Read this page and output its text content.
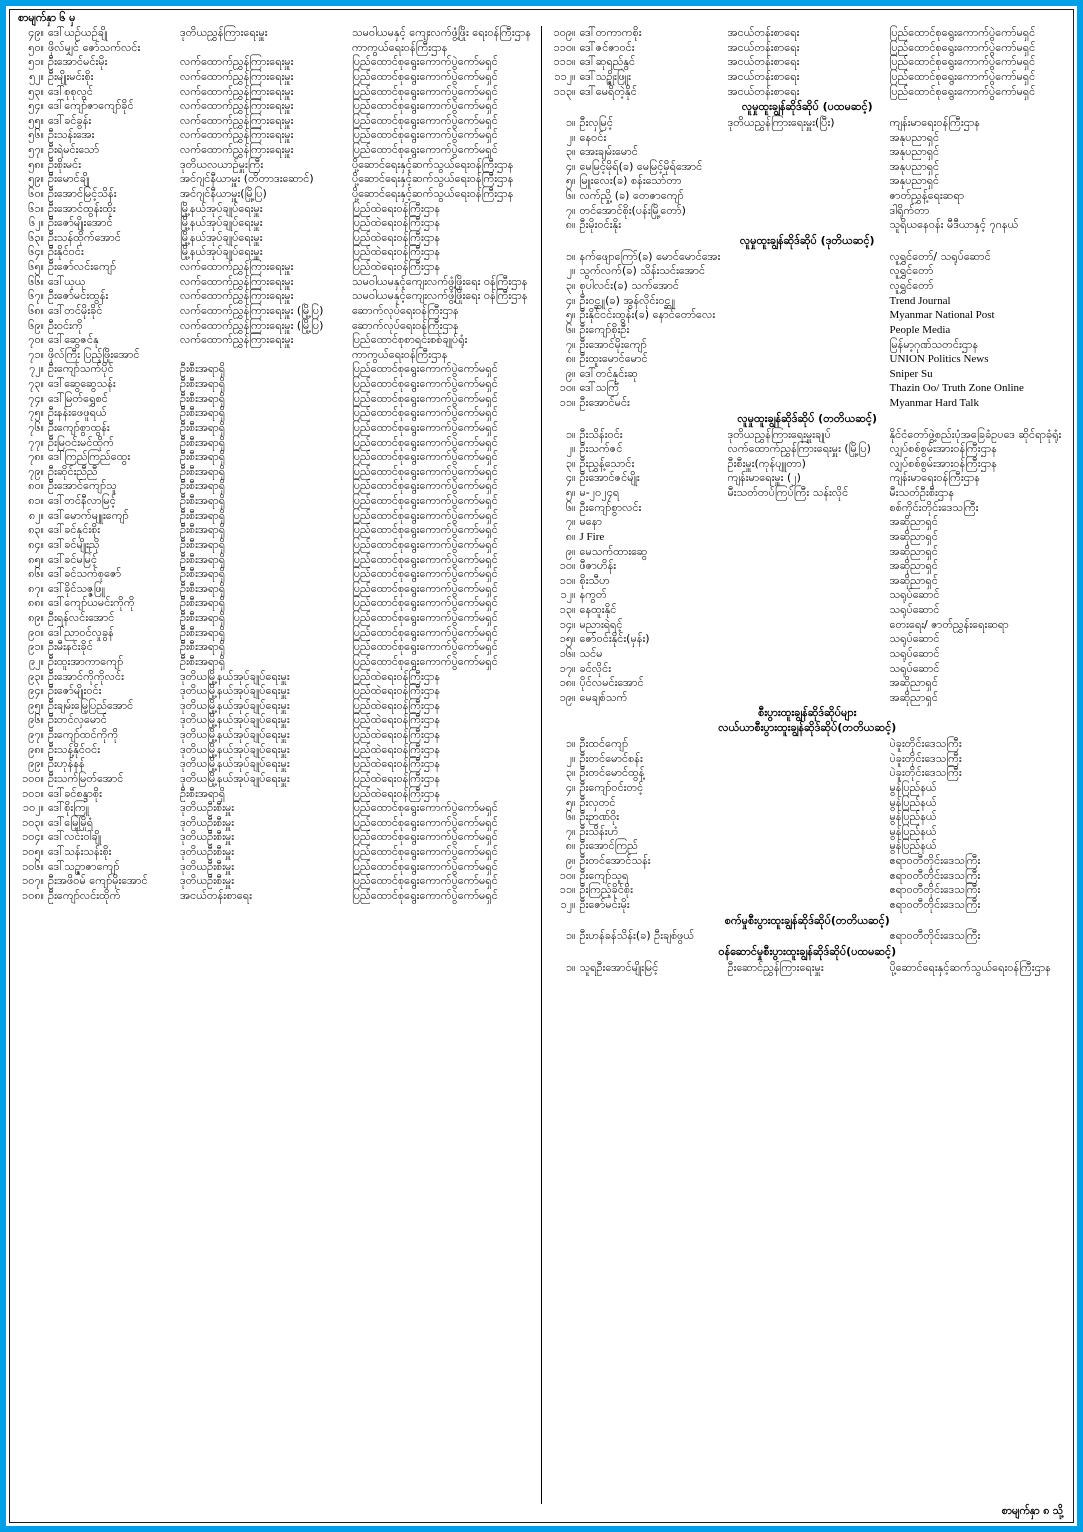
စာမျက်နှာ ၆ မှ
၄၉။ ဒေါ်ယဉ်ယဉ်ချို	ဒုတိယညွှန်ကြားရေးမှူး	သမဝါယမနှင့် ကျေးလက်ဖွံ့ဖြိုး ရေးဝန်ကြီးဌာန
၅၀။ ဖိုလ်မျှင် ဇော်သက်လင်း	ကာကွယ်ရေးဝန်ကြီးဌာန
၅၁။ ဦးအောင်မင်းမိုး	လက်ထောက်ညွှန်ကြားရေးမှူး	ပြည်ထောင်စုရွေးကောက်ပွဲကော်မရှင်
၅၂။ ဦးမျိုးမင်းစိုး	လက်ထောက်ညွှန်ကြားရေးမှူး	ပြည်ထောင်စုရွေးကောက်ပွဲကော်မရှင်
၅၃။ ဒေါ်စုစုလွင်	လက်ထောက်ညွှန်ကြားရေးမှူး	ပြည်ထောင်စုရွေးကောက်ပွဲကော်မရှင်
၅၄။ ဒေါ်ကျော်ဇာကျော်ခိုင်	လက်ထောက်ညွှန်ကြားရေးမှူး	ပြည်ထောင်စုရွေးကောက်ပွဲကော်မရှင်
၅၅။ ဒေါ်ခင်ခွန်း	လက်ထောက်ညွှန်ကြားရေးမှူး	ပြည်ထောင်စုရွေးကောက်ပွဲကော်မရှင်
၅၆။ ဦးသန်းအေး	လက်ထောက်ညွှန်ကြားရေးမှူး	ပြည်ထောင်စုရွေးကောက်ပွဲကော်မရှင်
၅၇။ ဦးရဲမင်းသော်	လက်ထောက်ညွှန်ကြားရေးမှူး	ပြည်ထောင်စုရွေးကောက်ပွဲကော်မရှင်
၅၈။ ဦးစိုးမင်း	ဒုတိယလယာဉ်မှူးကြီး	ပို့ဆောင်ရေးနှင့်ဆက်သွယ်ရေးဝန်ကြီးဌာန
၅၉။ ဦးမောင်ချို	အင်ဂျင်နီယာမှူး (တိတာဒးဆောင်)	ပို့ဆောင်ရေးနှင့်ဆက်သွယ်ရေးဝန်ကြီးဌာန
၆၀။ ဦးအောင်မြင့်သိန်း	အင်ဂျင်နီယာမှူး(မြို့ပြ)	ပို့ဆောင်ရေးနှင့်ဆက်သွယ်ရေးဝန်ကြီးဌာန
၆၁။ ဦးအောင်ထွန်းထိုး	မြို့နယ်အုပ်ချုပ်ရေးမှူး	ပြည်ထဲရေးဝန်ကြီးဌာန
၆၂။ ဦးဇော်မျိုးအောင်	မြို့နယ်အုပ်ချုပ်ရေးမှူး	ပြည်ထဲရေးဝန်ကြီးဌာန
၆၃။ ဦးသန်ထိုက်အောင်	မြို့နယ်အုပ်ချုပ်ရေးမှူး	ပြည်ထဲရေးဝန်ကြီးဌာန
၆၄။ ဦးနိုင်ဝင်း	မြို့နယ်အုပ်ချုပ်ရေးမှူး	ပြည်ထဲရေးဝန်ကြီးဌာန
၆၅။ ဦးဇော်လင်းကျော်	လက်ထောက်ညွှန်ကြားရေးမှူး	ပြည်ထဲရေးဝန်ကြီးဌာန
၆၆။ ဒေါ်ယုယု	လက်ထောက်ညွှန်ကြားရေးမှူး	သမဝါယမနှင့်ကျေးလက်ဖွံ့ဖြိုးရေး ဝန်ကြီးဌာန
၆၇။ ဦးဇော်မင်းထွန်း	လက်ထောက်ညွှန်ကြားရေးမှူး	သမဝါယမနှင့်ကျေးလက်ဖွံ့ဖြိုးရေး ဝန်ကြီးဌာန
၆၈။ ဒေါ်တင်မိုးခိုင်	လက်ထောက်ညွှန်ကြားရေးမှူး (မြို့ပြ)	ဆောက်လုပ်ရေးဝန်ကြီးဌာန
၆၉။ ဦးဝင်းကို	လက်ထောက်ညွှန်ကြားရေးမှူး (မြို့ပြ)	ဆောက်လုပ်ရေးဝန်ကြီးဌာန
၇၀။ ဒေါ်ဆွေဇင်နု	လက်ထောက်ညွှန်ကြားရေးမှူး	ပြည်ထောင်စုစာရင်းစစ်ချုပ်ရုံး
၇၁။ ဖိုလ်ကြီး ပြည့်ဖြိုးအောင်	ကာကွယ်ရေးဝန်ကြီးဌာန
၇၂။ ဦးကျော်သက်ပိုင်	ဦးစီးအရာရှိ	ပြည်ထောင်စုရွေးကောက်ပွဲကော်မရှင်
၇၃။ ဒေါ်ဆွေဆွေသန်း	ဦးစီးအရာရှိ	ပြည်ထောင်စုရွေးကောက်ပွဲကော်မရှင်
၇၄။ ဒေါ်မြတ်ရွှေစင်	ဦးစီးအရာရှိ	ပြည်ထောင်စုရွေးကောက်ပွဲကော်မရှင်
၇၅။ ဦးနန်းဖေဖူရယ်	ဦးစီးအရာရှိ	ပြည်ထောင်စုရွေးကောက်ပွဲကော်မရှင်
၇၆။ ဦးကျော်စွာထွန်း	ဦးစီးအရာရှိ	ပြည်ထောင်စုရွေးကောက်ပွဲကော်မရှင်
၇၇။ ဦးမြဝင်းမင်ထိုက်	ဦးစီးအရာရှိ	ပြည်ထောင်စုရွေးကောက်ပွဲကော်မရှင်
၇၈။ ဒေါ်ကြည်ကြည်ထွေး	ဦးစီးအရာရှိ	ပြည်ထောင်စုရွေးကောက်ပွဲကော်မရှင်
၇၉။ ဦးဆိုင်းညီညီ	ဦးစီးအရာရှိ	ပြည်ထောင်စုရွေးကောက်ပွဲကော်မရှင်
၈၀။ ဦးအောင်ကျော်သူ	ဦးစီးအရာရှိ	ပြည်ထောင်စုရွေးကောက်ပွဲကော်မရှင်
၈၁။ ဒေါ်တင်နီလာမြင့်	ဦးစီးအရာရှိ	ပြည်ထောင်စုရွေးကောက်ပွဲကော်မရှင်
၈၂။ ဒေါ်မောက်မျူးကျော်	ဦးစီးအရာရှိ	ပြည်ထောင်စုရွေးကောက်ပွဲကော်မရှင်
၈၃။ ဒေါ်ခင်နှင်းစိုး	ဦးစီးအရာရှိ	ပြည်ထောင်စုရွေးကောက်ပွဲကော်မရှင်
၈၄။ ဒေါ်ခင်မျိုးညို	ဦးစီးအရာရှိ	ပြည်ထောင်စုရွေးကောက်ပွဲကော်မရှင်
၈၅။ ဒေါ်ခင်မမြင့်	ဦးစီးအရာရှိ	ပြည်ထောင်စုရွေးကောက်ပွဲကော်မရှင်
၈၆။ ဒေါ်ခင်သက်စုဇော်	ဦးစီးအရာရှိ	ပြည်ထောင်စုရွေးကောက်ပွဲကော်မရှင်
၈၇။ ဒေါ်ခိုင်သဇ္ဇဖြူ	ဦးစီးအရာရှိ	ပြည်ထောင်စုရွေးကောက်ပွဲကော်မရှင်
၈၈။ ဒေါ်ကျော်ယမင်းကိုကို	ဦးစီးအရာရှိ	ပြည်ထောင်စုရွေးကောက်ပွဲကော်မရှင်
၈၉။ ဦးရန်လင်းအောင်	ဦးစီးအရာရှိ	ပြည်ထောင်စုရွေးကောက်ပွဲကော်မရှင်
၉၀။ ဒေါ်ညာဝင်လှုခွန်	ဦးစီးအရာရှိ	ပြည်ထောင်စုရွေးကောက်ပွဲကော်မရှင်
၉၁။ ဦးမီးနင်းခိုင်	ဦးစီးအရာရှိ	ပြည်ထောင်စုရွေးကောက်ပွဲကော်မရှင်
၉၂။ ဦးထူးအာကာကျော်	ဦးစီးအရာရှိ	ပြည်ထောင်စုရွေးကောက်ပွဲကော်မရှင်
၉၃။ ဦးအောင်ကိုကိုလင်း	ဒုတိယမြို့နယ်အုပ်ချုပ်ရေးမှူး	ပြည်ထဲရေးဝန်ကြီးဌာန
၉၄။ ဦးဇော်မျိုးဝင်း	ဒုတိယမြို့နယ်အုပ်ချုပ်ရေးမှူး	ပြည်ထဲရေးဝန်ကြီးဌာန
၉၅။ ဦးချမ်းမြေ့ပြည်အောင်	ဒုတိယမြို့နယ်အုပ်ချုပ်ရေးမှူး	ပြည်ထဲရေးဝန်ကြီးဌာန
၉၆။ ဦးတင်လှမောင်	ဒုတိယမြို့နယ်အုပ်ချုပ်ရေးမှူး	ပြည်ထဲရေးဝန်ကြီးဌာန
၉၇။ ဦးကျော်ထင်ကိုကို	ဒုတိယမြို့နယ်အုပ်ချုပ်ရေးမှူး	ပြည်ထဲရေးဝန်ကြီးဌာန
၉၈။ ဦးသန့်နိုင်ဝင်း	ဒုတိယမြို့နယ်အုပ်ချုပ်ရေးမှူး	ပြည်ထဲရေးဝန်ကြီးဌာန
၉၉။ ဦးဟုန်နန်	ဒုတိယမြို့နယ်အုပ်ချုပ်ရေးမှူး	ပြည်ထဲရေးဝန်ကြီးဌာန
၁၀၀။ ဦးသက်မြတ်အောင်	ဒုတိယမြို့နယ်အုပ်ချုပ်ရေးမှူး	ပြည်ထဲရေးဝန်ကြီးဌာန
၁၀၁။ ဒေါ်ခင်စန္ဒာစိုး	ဦးစီးအရာရှိ	ပြည်ထဲရေးဝန်ကြီးဌာန
၁၀၂။ ဒေါ်စိုးကြူ	ဒုတိယဦးစီးမှူး	ပြည်ထောင်စုရွေးကောက်ပွဲကော်မရှင်
၁၀၃။ ဒေါ်မြေ့မြိုရံ	ဒုတိယဦးစီးမှူး	ပြည်ထောင်စုရွေးကောက်ပွဲကော်မရှင်
၁၀၄။ ဒေါ်လင်းဝါချို	ဒုတိယဦးစီးမှူး	ပြည်ထောင်စုရွေးကောက်ပွဲကော်မရှင်
၁၀၅။ ဒေါ်သန်းသန်းစိုး	ဒုတိယဦးစီးမှူး	ပြည်ထောင်စုရွေးကောက်ပွဲကော်မရှင်
၁၀၆။ ဒေါ်သဉ္ဇာဇာကျော်	ဒုတိယဦးစီးမှူး	ပြည်ထောင်စုရွေးကောက်ပွဲကော်မရှင်
၁၀၇။ ဦးအဖိဝမ် ကျော်မိုးအောင်	ဒုတိယဦးစီးမှူး	ပြည်ထောင်စုရွေးကောက်ပွဲကော်မရှင်
၁၀၈။ ဦးကျော်လင်းထိုက်	အငယ်တန်းစာရေး	ပြည်ထောင်စုရွေးကောက်ပွဲကော်မရှင်
၁၀၉။ ဒေါ်တကာကစိုး	အငယ်တန်းစာရေး	ပြည်ထောင်စုရွေးကောက်ပွဲကော်မရှင်
၁၁၀။ ဒေါ်ဇင်ဇာဝင်း	အငယ်တန်းစာရေး	ပြည်ထောင်စုရွေးကောက်ပွဲကော်မရှင်
၁၁၁။ ဒေါ်ဆုရည်နွင်	အငယ်တန်းစာရေး	ပြည်ထောင်စုရွေးကောက်ပွဲကော်မရှင်
၁၁၂။ ဒေါ်သဉ္ဇိုးဖြူး	အငယ်တန်းစာရေး	ပြည်ထောင်စုရွေးကောက်ပွဲကော်မရှင်
၁၁၃။ ဒေါ်မေရိတဲ့နိုင်	အငယ်တန်းစာရေး	ပြည်ထောင်စုရွေးကောက်ပွဲကော်မရှင်
လူမှုထူးချွန်ဆိုဒ်ဆိုပ် (ပထမဆင့်)
၁။ ဦးလှမြင့်	ဒုတိယညွှန်ကြားရေးမှူး(ပြီး)	ကျန်းမာရေးဝန်ကြီးဌာန
၂။ နေဝင်း	အနုပညာရှင်
၃။ အေးချမ်းမောင်	အနုပညာရှင်
၄။ မေမြင့်မိုရ်(ခ) မေမြင့်မိုရ်အောင်	အနုပညာရှင်
၅။ မြူးလေး(ခ) စန်းသော်တာ	အနုပညာရှင်
၆။ လက်ညှို့ (ခ) တေဇာကျော်	ဇာတ်ညွှန့်ရေးဆရာ
၇။ တင်အောင်စိုး(ပန်းမြို့တော်)	ဒါရိုက်တာ
၈။ ဦးမိုးဝင်းနိုး	သူရိယနေဝန်း မီဒီယာနှင့် ၇ဂနယ်
လူမှုထူးချွန်ဆိုဒ်ဆိုပ် (ဒုတိယဆင့်)
၁။ နက်ဖျောကြော်(ခ) မောင်မောင်အေး	လူရွှင်တော်/ သရုပ်ဆောင်
၂။ သွက်လက်(ခ) သိန်းသင်းအောင်	လူရွှင်တော်
၃။ စုပါလင်း(ခ) သက်အောင်	လူရွှင်တော်
၄။ ဦးဝင္ဆူ(ခ) အွန်လိုင်းဝင္ဆူ	Trend Journal
၅။ ဦးနိုင်ငင်းထွန်း(ခ) နောင်တော်လေး	Myanmar National Post
၆။ ဦးကျော်စိုးဦး	People Media
၇။ ဦးအောင်မိုးကျော်	မြန်မာ့ဂုဏ်သတင်းဌာန
၈။ ဦးထူးမောင်မောင်	UNION Politics News
၉။ ဒေါ်တင်နှင်းဆု	Sniper Su
၁၀။ ဒေါ်သင်္ကြံ	Thazin Oo/ Truth Zone Online
၁၁။ ဦးအောင်မင်း	Myanmar Hard Talk
လူမှုထူးချွန်ဆိုဒ်ဆိုပ် (တတိယဆင့်)
၁။ ဦးသိန်းဝင်း	ဒုတိယညွှန်ကြားရေးမှူးချုပ်	နိုင်ငံတော်ဖွဲ့စည်းပုံအခြေခံဥပဒေ ဆိုင်ရာခုံရုံး
၂။ ဦးသက်ဇင်	လက်ထောက်ညွှန်ကြားရေးမှူး (မြို့ပြ)	လျှပ်စစ်စွမ်းအားဝန်ကြီးဌာန
၃။ ဦးညွှန့်သောင်း	ဦးစီးမှူး(ကုန်ပျူတာ)	လျှပ်စစ်စွမ်းအားဝန်ကြီးဌာန
၄။ ဦးအောင်ဇင်မျိုး	ကျန်းမာရေးမှူး (၂)	ကျန်းမာရေးဝန်ကြီးဌာန
၅။ မ-၂၀၂၄ရ	မီးသတ်တပ်ကြပ်ကြီး သန်းလိုင်	မီးသတ်ဦးစီးဌာန
၆။ ဦးကျော်စွာလင်း	စစ်ကိုင်းတိုင်းဒေသကြီး
၇။ မနော	အဆိုညာရှင်
၈။ J Fire	အဆိုညာရှင်
၉။ မေသက်ထားဆွေ	အဆိုညာရှင်
၁၀။ ဖီဇာဟိန်း	အဆိုညာရှင်
၁၁။ စိုးသီဟ	အဆိုညာရှင်
၁၂။ နကွတ်	သရုပ်ဆောင်
၁၃။ နေထူးနိုင်	သရုပ်ဆောင်
၁၄။ မညားရဲရင့်	တေးရေး/ ဇာတ်ညွှန်းရေးဆရာ
၁၅။ ဇော်ဝင်းနိုင်း(မှန်း)	သရုပ်ဆောင်
၁၆။ သင်မ	သရုပ်ဆောင်
၁၇။ ခင်လိုင်း	သရုပ်ဆောင်
၁၈။ ပိုင်လမင်းအောင်	အဆိုညာရှင်
၁၉။ မေချစ်သက်	အဆိုညာရှင်
စီးပွားထူးချွန်ဆိုဒ်ဆိုပ်များ
လယ်ယာစီးပွားထူးချွန်ဆိုဒ်ဆိုပ်(တတိယဆင့်)
၁။ ဦးထင်ကျော်	ပဲခူးတိုင်းဒေသကြီး
၂။ ဦးတင်မောင်စန်း	ပဲခူးတိုင်းဒေသကြီး
၃။ ဦးတင်မောင်ထွန့်	ပဲခူးတိုင်းဒေသကြီး
၄။ ဦးကျော်ဝင်းတင့်	မွန်ပြည်နယ်
၅။ ဦးလှတင်	မွန်ပြည်နယ်
၆။ ဦးဉာဏ်ဝိုး	မွန်ပြည်နယ်
၇။ ဦးသိန်းဟံ	မွန်ပြည်နယ်
၈။ ဦးအောင်ကြည်	မွန်ပြည်နယ်
၉။ ဦးတင်အောင်သန်း	ဧရာဝတီတိုင်းဒေသကြီး
၁၀။ ဦးကျော်သူရ	ဧရာဝတီတိုင်းဒေသကြီး
၁၁။ ဦးကြည့်ခိုင်စိုး	ဧရာဝတီတိုင်းဒေသကြီး
၁၂။ ဦးဇော်မင်းမိုး	ဧရာဝတီတိုင်းဒေသကြီး
စက်မှုစီးပွားထူးချွန်ဆိုဒ်ဆိုပ်(တတိယဆင့်)
၁။ ဦးဟန်ခန်သိန်း(ခ) ဦးချစ်ဖွယ်	ဧရာဝတီတိုင်းဒေသကြီး
ဝန်ဆောင်မှုစီးပွားထူးချွန်ဆိုဒ်ဆိုပ်(ပထမဆင့်)
၁။ သူရဦးအောင်မျိုးမြင့်	ဦးဆောင်ညွှန်ကြားရေးမှူး	ပို့ဆောင်ရေးနှင့်ဆက်သွယ်ရေးဝန်ကြီးဌာန
စာမျက်နှာ ၈ သို့
